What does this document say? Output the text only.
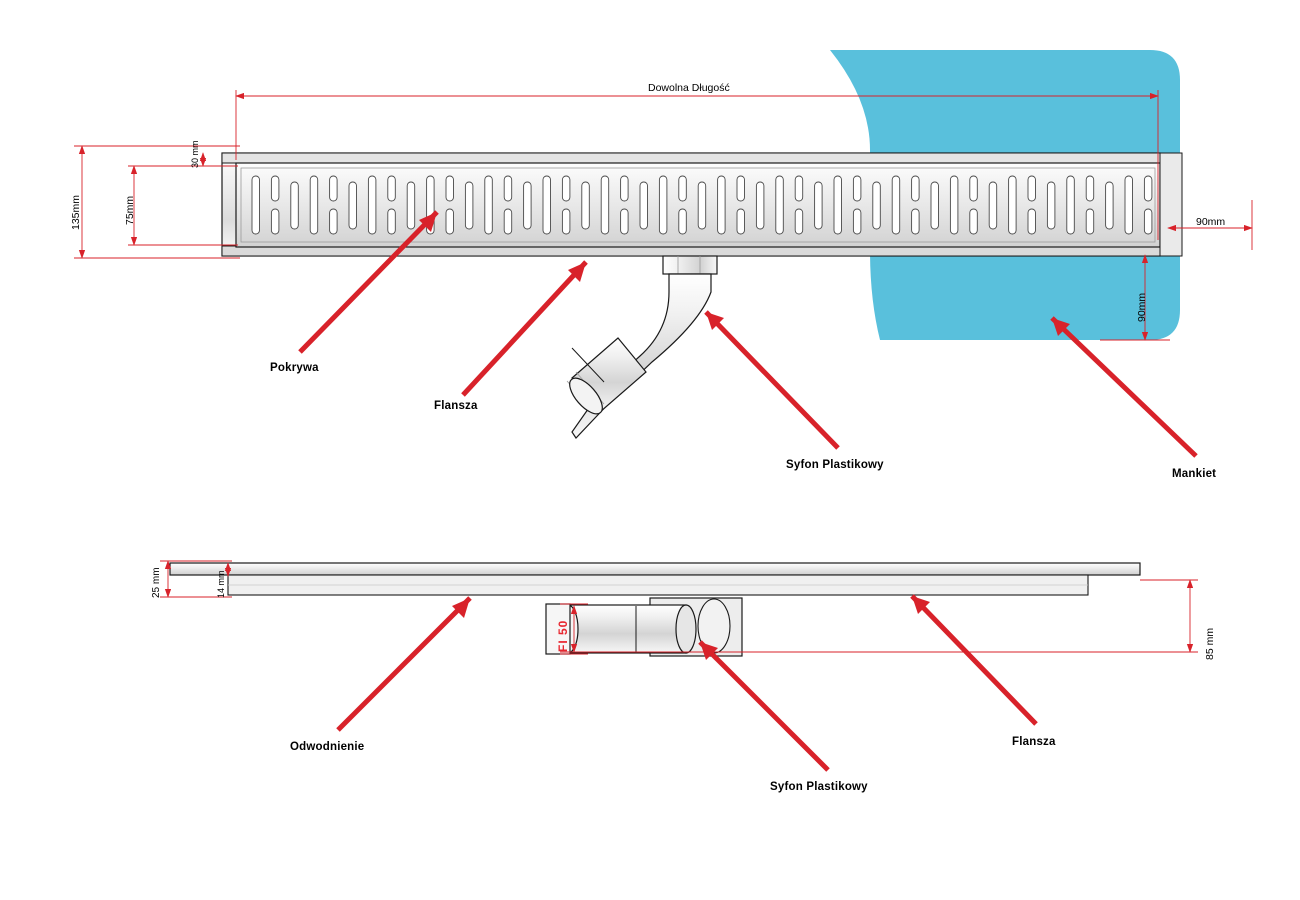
Dowolna Długość
135mm	75mm
30 mm
90mm
90mm
Pokrywa
Flansza
Syfon Plastikowy
Mankiet
25 mm	14 mm
85 mm
FI 50
Odwodnienie
Syfon Plastikowy
Flansza
